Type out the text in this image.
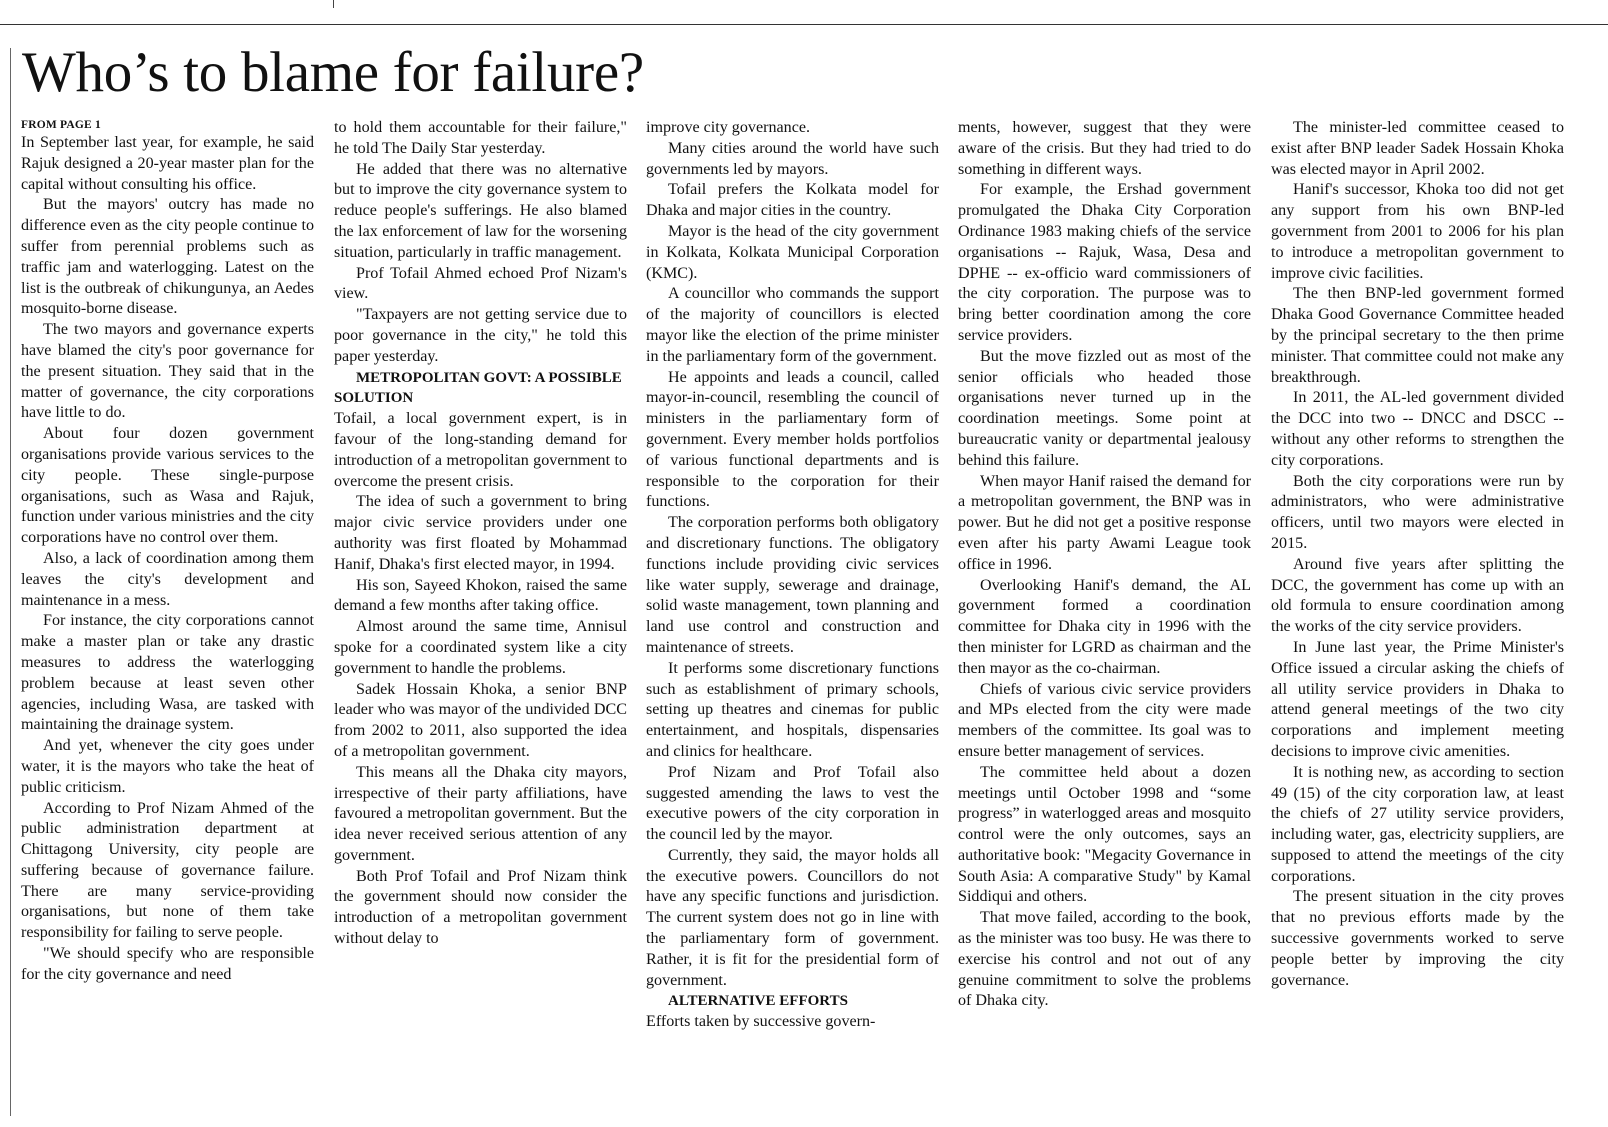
Who’s to blame for failure?
FROM PAGE 1

In September last year, for example, he said Rajuk designed a 20-year master plan for the capital without consulting his office.

But the mayors' outcry has made no difference even as the city people continue to suffer from perennial problems such as traffic jam and waterlogging. Latest on the list is the outbreak of chikungunya, an Aedes mosquito-borne disease.

The two mayors and governance experts have blamed the city's poor governance for the present situation. They said that in the matter of governance, the city corporations have little to do.

About four dozen government organisations provide various services to the city people. These single-purpose organisations, such as Wasa and Rajuk, function under various ministries and the city corporations have no control over them.

Also, a lack of coordination among them leaves the city's development and maintenance in a mess.

For instance, the city corporations cannot make a master plan or take any drastic measures to address the waterlogging problem because at least seven other agencies, including Wasa, are tasked with maintaining the drainage system.

And yet, whenever the city goes under water, it is the mayors who take the heat of public criticism.

According to Prof Nizam Ahmed of the public administration department at Chittagong University, city people are suffering because of governance failure. There are many service-providing organisations, but none of them take responsibility for failing to serve people.

"We should specify who are responsible for the city governance and need

to hold them accountable for their failure," he told The Daily Star yesterday.

He added that there was no alternative but to improve the city governance system to reduce people's sufferings. He also blamed the lax enforcement of law for the worsening situation, particularly in traffic management.

Prof Tofail Ahmed echoed Prof Nizam's view.

"Taxpayers are not getting service due to poor governance in the city," he told this paper yesterday.

METROPOLITAN GOVT: A POSSIBLE SOLUTION

Tofail, a local government expert, is in favour of the long-standing demand for introduction of a metropolitan government to overcome the present crisis.

The idea of such a government to bring major civic service providers under one authority was first floated by Mohammad Hanif, Dhaka's first elected mayor, in 1994.

His son, Sayeed Khokon, raised the same demand a few months after taking office.

Almost around the same time, Annisul spoke for a coordinated system like a city government to handle the problems.

Sadek Hossain Khoka, a senior BNP leader who was mayor of the undivided DCC from 2002 to 2011, also supported the idea of a metropolitan government.

This means all the Dhaka city mayors, irrespective of their party affiliations, have favoured a metropolitan government. But the idea never received serious attention of any government.

Both Prof Tofail and Prof Nizam think the government should now consider the introduction of a metropolitan government without delay to

improve city governance.

Many cities around the world have such governments led by mayors.

Tofail prefers the Kolkata model for Dhaka and major cities in the country.

Mayor is the head of the city government in Kolkata, Kolkata Municipal Corporation (KMC).

A councillor who commands the support of the majority of councillors is elected mayor like the election of the prime minister in the parliamentary form of the government.

He appoints and leads a council, called mayor-in-council, resembling the council of ministers in the parliamentary form of government. Every member holds portfolios of various functional departments and is responsible to the corporation for their functions.

The corporation performs both obligatory and discretionary functions. The obligatory functions include providing civic services like water supply, sewerage and drainage, solid waste management, town planning and land use control and construction and maintenance of streets.

It performs some discretionary functions such as establishment of primary schools, setting up theatres and cinemas for public entertainment, and hospitals, dispensaries and clinics for healthcare.

Prof Nizam and Prof Tofail also suggested amending the laws to vest the executive powers of the city corporation in the council led by the mayor.

Currently, they said, the mayor holds all the executive powers. Councillors do not have any specific functions and jurisdiction. The current system does not go in line with the parliamentary form of government. Rather, it is fit for the presidential form of government.

ALTERNATIVE EFFORTS

Efforts taken by successive govern-

ments, however, suggest that they were aware of the crisis. But they had tried to do something in different ways.

For example, the Ershad government promulgated the Dhaka City Corporation Ordinance 1983 making chiefs of the service organisations -- Rajuk, Wasa, Desa and DPHE -- ex-officio ward commissioners of the city corporation. The purpose was to bring better coordination among the core service providers.

But the move fizzled out as most of the senior officials who headed those organisations never turned up in the coordination meetings. Some point at bureaucratic vanity or departmental jealousy behind this failure.

When mayor Hanif raised the demand for a metropolitan government, the BNP was in power. But he did not get a positive response even after his party Awami League took office in 1996.

Overlooking Hanif's demand, the AL government formed a coordination committee for Dhaka city in 1996 with the then minister for LGRD as chairman and the then mayor as the co-chairman.

Chiefs of various civic service providers and MPs elected from the city were made members of the committee. Its goal was to ensure better management of services.

The committee held about a dozen meetings until October 1998 and “some progress” in waterlogged areas and mosquito control were the only outcomes, says an authoritative book: "Megacity Governance in South Asia: A comparative Study" by Kamal Siddiqui and others.

That move failed, according to the book, as the minister was too busy. He was there to exercise his control and not out of any genuine commitment to solve the problems of Dhaka city.

The minister-led committee ceased to exist after BNP leader Sadek Hossain Khoka was elected mayor in April 2002.

Hanif's successor, Khoka too did not get any support from his own BNP-led government from 2001 to 2006 for his plan to introduce a metropolitan government to improve civic facilities.

The then BNP-led government formed Dhaka Good Governance Committee headed by the principal secretary to the then prime minister. That committee could not make any breakthrough.

In 2011, the AL-led government divided the DCC into two -- DNCC and DSCC -- without any other reforms to strengthen the city corporations.

Both the city corporations were run by administrators, who were administrative officers, until two mayors were elected in 2015.

Around five years after splitting the DCC, the government has come up with an old formula to ensure coordination among the works of the city service providers.

In June last year, the Prime Minister's Office issued a circular asking the chiefs of all utility service providers in Dhaka to attend general meetings of the two city corporations and implement meeting decisions to improve civic amenities.

It is nothing new, as according to section 49 (15) of the city corporation law, at least the chiefs of 27 utility service providers, including water, gas, electricity suppliers, are supposed to attend the meetings of the city corporations.

The present situation in the city proves that no previous efforts made by the successive governments worked to serve people better by improving the city governance.
